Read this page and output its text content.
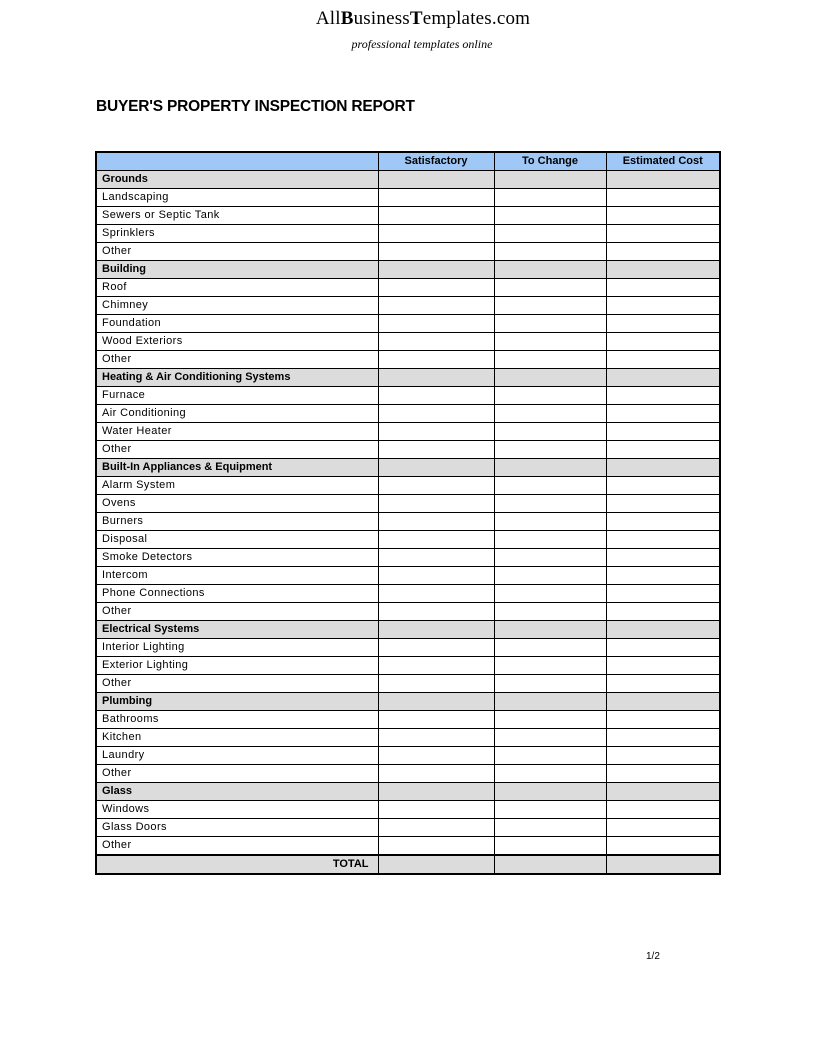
AllBusinessTemplates.com
professional templates online
BUYER'S PROPERTY INSPECTION REPORT
	Satisfactory	To Change	Estimated Cost
Grounds			
Landscaping			
Sewers or Septic Tank			
Sprinklers			
Other			
Building			
Roof			
Chimney			
Foundation			
Wood Exteriors			
Other			
Heating & Air Conditioning Systems			
Furnace			
Air Conditioning			
Water Heater			
Other			
Built-In Appliances & Equipment			
Alarm System			
Ovens			
Burners			
Disposal			
Smoke Detectors			
Intercom			
Phone Connections			
Other			
Electrical Systems			
Interior Lighting			
Exterior Lighting			
Other			
Plumbing			
Bathrooms			
Kitchen			
Laundry			
Other			
Glass			
Windows			
Glass Doors			
Other			
TOTAL			
1/2
